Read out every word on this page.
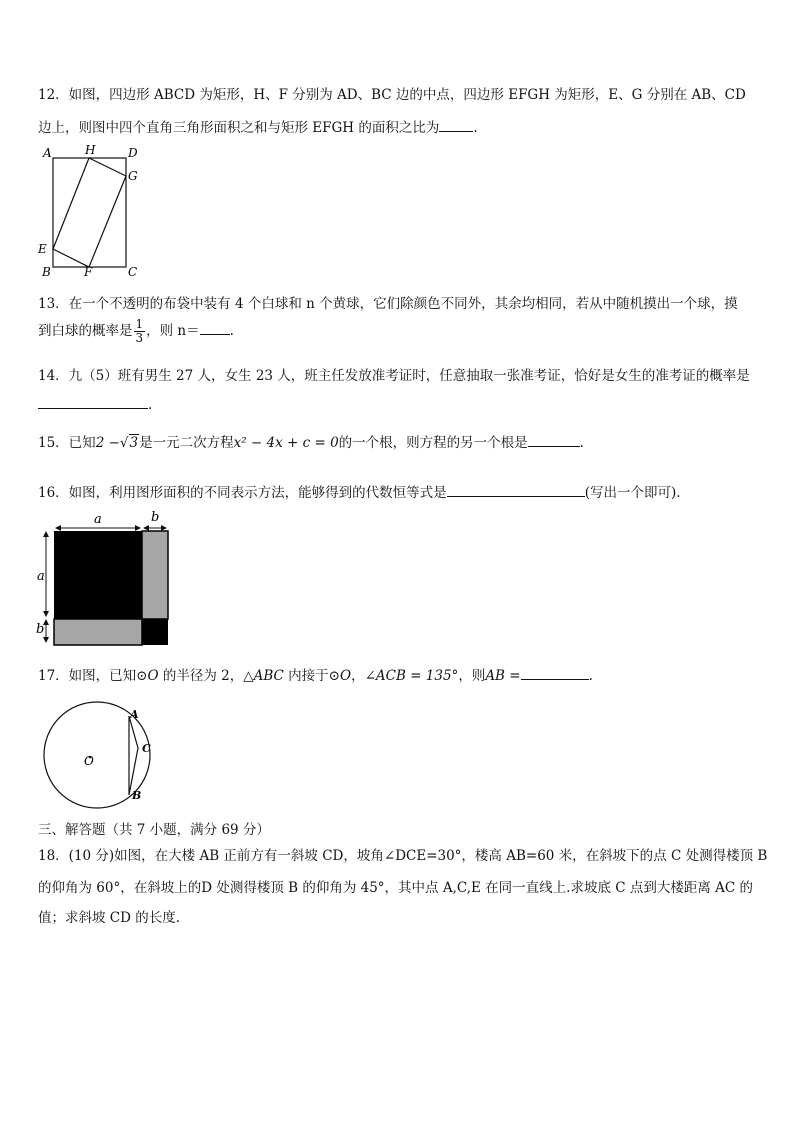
12．如图，四边形 ABCD 为矩形，H、F 分别为 AD、BC 边的中点，四边形 EFGH 为矩形，E、G 分别在 AB、CD
边上，则图中四个直角三角形面积之和与矩形 EFGH 的面积之比为	.
A	H	D
G
E
B	F	C
13．在一个不透明的布袋中装有 4 个白球和 n 个黄球，它们除颜色不同外，其余均相同，若从中随机摸出一个球，摸
到白球的概率是 $\frac{1}{3}$ ，则 n＝ .
14．九（5）班有男生 27 人，女生 23 人，班主任发放准考证时，任意抽取一张准考证，恰好是女生的准考证的概率是
.
15．已知2 −√3是一元二次方程x² − 4x + c = 0的一个根，则方程的另一个根是	.
16．如图，利用图形面积的不同表示方法，能够得到的代数恒等式是	(写出一个即可).
a	b
a
b
17．如图，已知⊙O 的半径为 2，△ABC 内接于⊙O，∠ACB = 135°，则AB =	.
A
C
B
O
三、解答题（共 7 小题，满分 69 分）
18．(10 分)如图，在大楼 AB 正前方有一斜坡 CD，坡角∠DCE=30°，楼高 AB=60 米，在斜坡下的点 C 处测得楼顶 B
的仰角为 60°，在斜坡上的D 处测得楼顶 B 的仰角为 45°，其中点 A,C,E 在同一直线上.求坡底 C 点到大楼距离 AC 的
值；求斜坡 CD 的长度.
